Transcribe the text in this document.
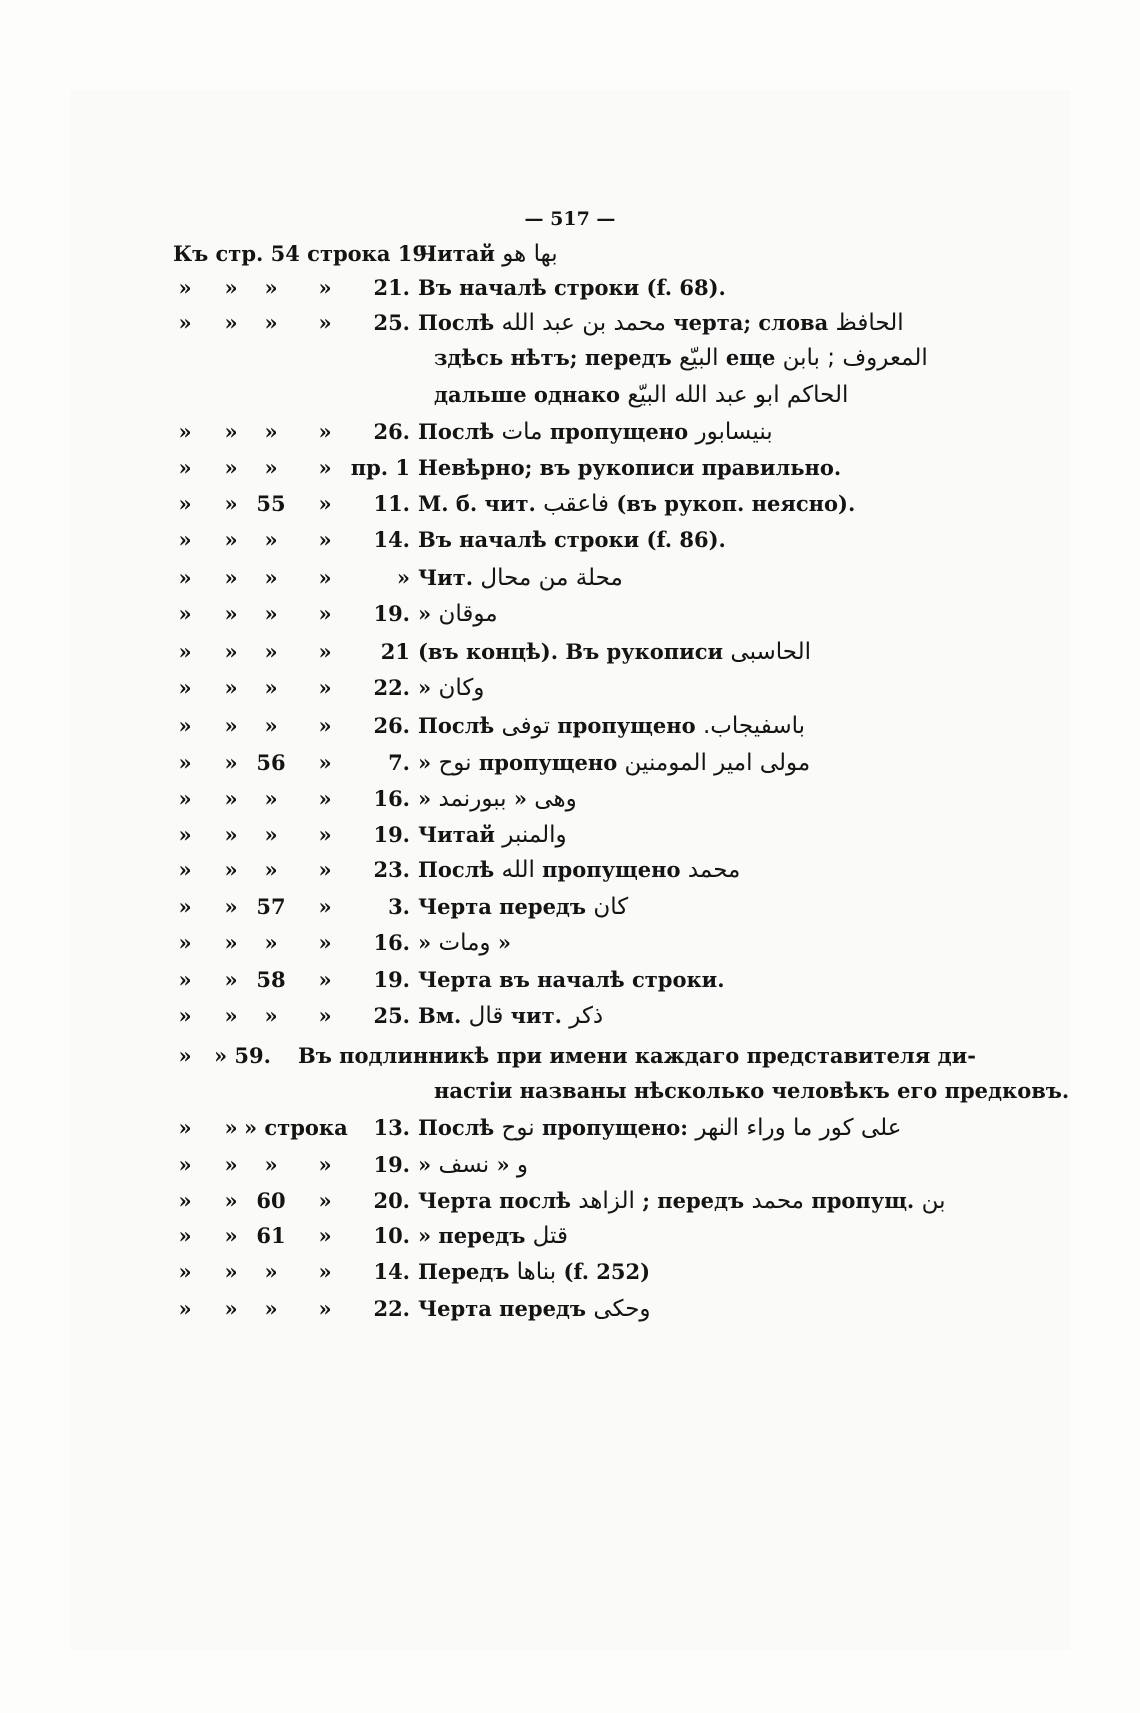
— 517 —
Къ стр. 54 строка 19.
Читай بها هو
»	»	»	»	21. Въ началѣ строки (f. 68).
»	»	»	»	25. Послѣ محمد بن عبد الله черта; слова الحافظ
здѣсь нѣтъ; передъ البيّع еще بابن المعروف ;
дальше однако الحاكم ابو عبد الله البيّع
»	»	»	»	26. Послѣ مات пропущено بنيسابور
»	»	»	» пр. 1 Невѣрно; въ рукописи правильно.
»	» 55	»	11. М. б. чит. فاعقب (въ рукоп. неясно).
»	»	»	»	14. Въ началѣ строки (f. 86).
»	»	»	»	» Чит. محلة من محال
»	»	»	»	19. » موقان
»	»	»	»	21 (въ концѣ). Въ рукописи الحاسبى
»	»	»	»	22. » وكان
»	»	»	»	26. Послѣ توفى пропущено باسفيجاب.
»	» 56	»	7. » نوح пропущено مولى امير المومنين
»	»	»	»	16. » ببورنمد » وهى
»	»	»	»	19. Читай والمنبر
»	»	»	»	23. Послѣ الله пропущено محمد
»	» 57	»	3. Черта передъ كان
»	»	»	»	16. » ومات »
»	» 58	»	19. Черта въ началѣ строки.
»	»	»	»	25. Вм. قال чит. ذكر
»	» 59. Въ подлинникѣ при имени каждаго представителя ди-
настіи названы нѣсколько человѣкъ его предковъ.
»	» » строка	13. Послѣ نوح пропущено: على كور ما وراء النهر
»	»	»	»	19. » نسف » و
»	» 60	»	20. Черта послѣ الزاهد ; передъ محمد пропущ. بن
»	» 61	»	10. » передъ قتل
»	»	»	»	14. Передъ بناها (f. 252)
»	»	»	»	22. Черта передъ وحكى
